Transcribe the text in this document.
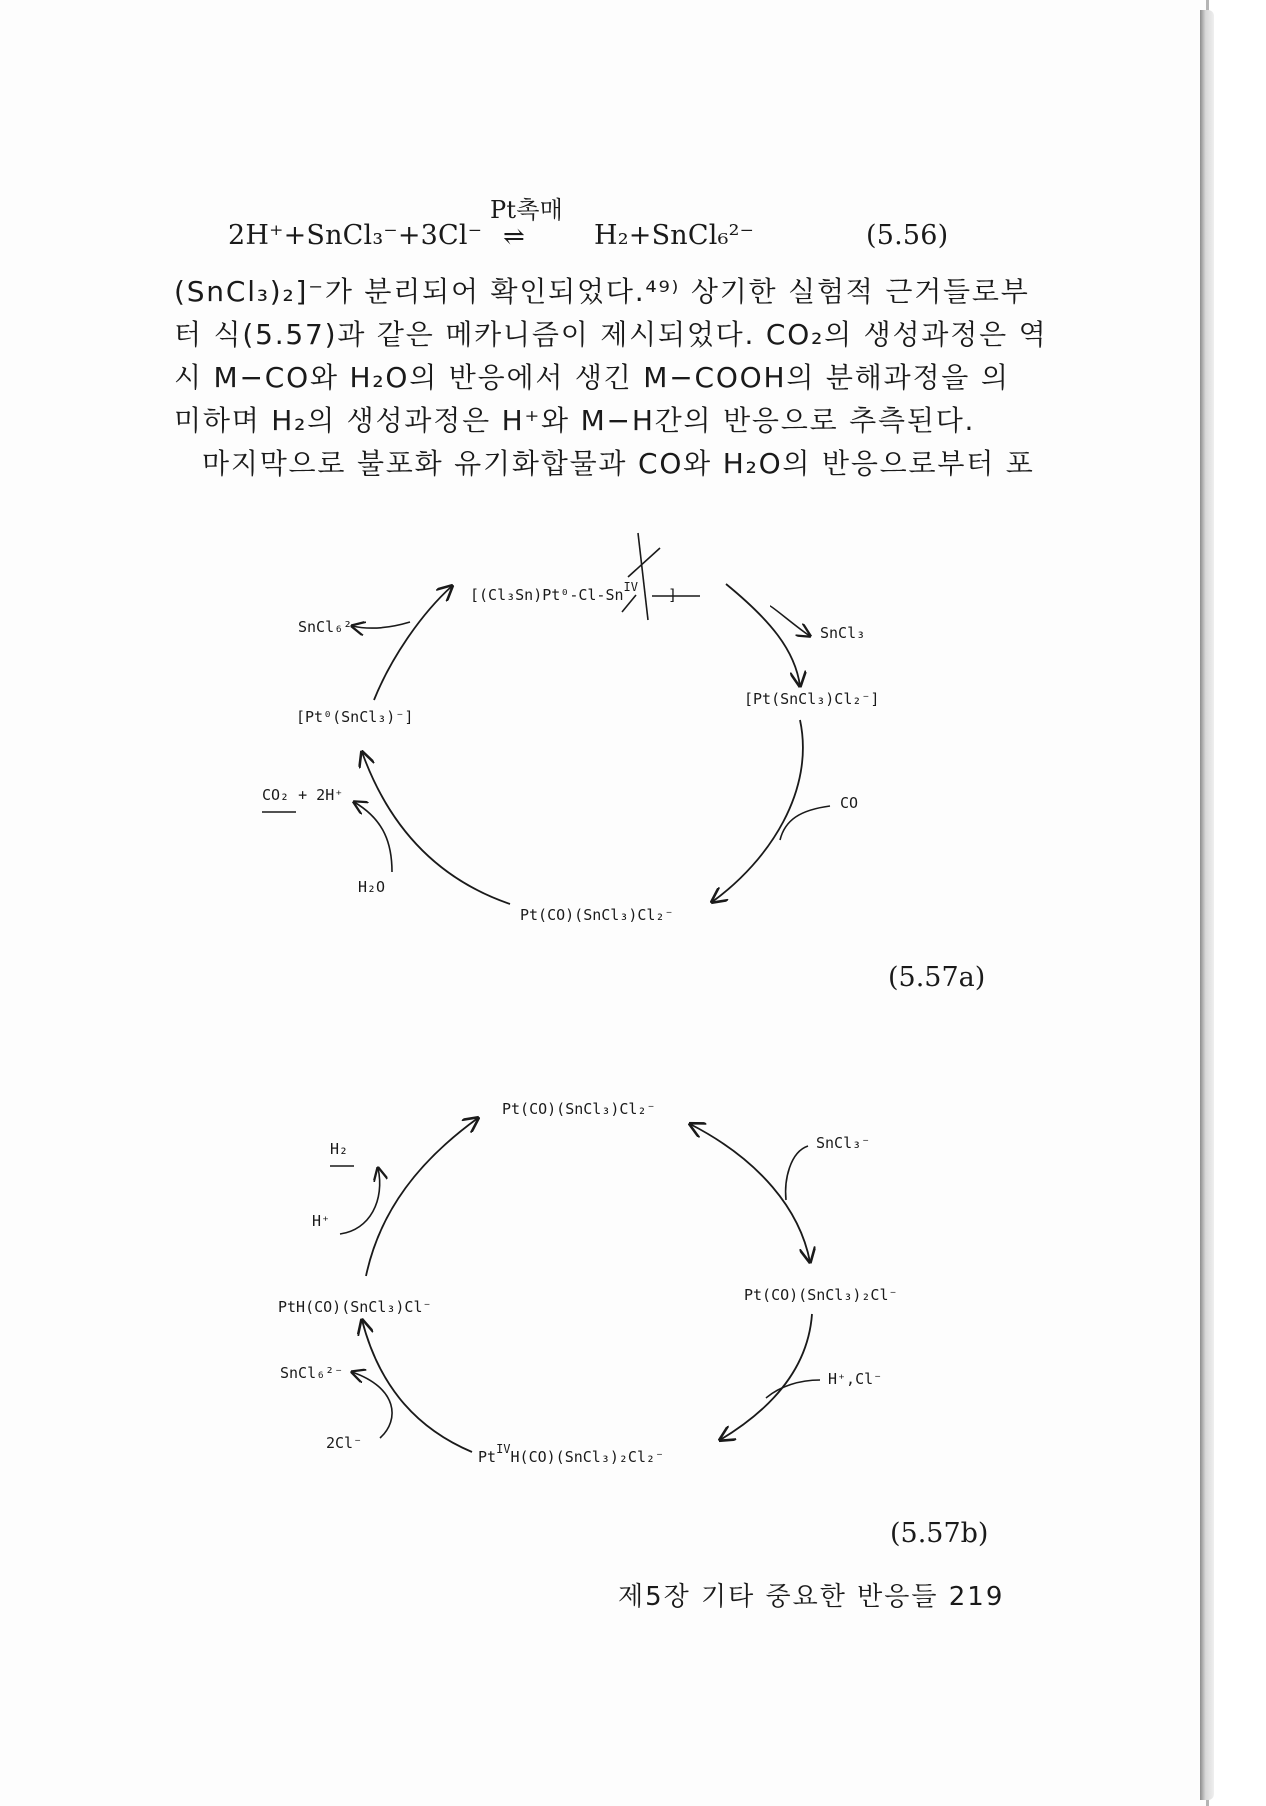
2H⁺+SnCl₃⁻+3Cl⁻
Pt촉매
⇌	H₂+SnCl₆²⁻	(5.56)

(SnCl₃)₂]⁻가 분리되어 확인되었다.⁴⁹⁾ 상기한 실험적 근거들로부

터 식(5.57)과 같은 메카니즘이 제시되었다. CO₂의 생성과정은 역

시 M−CO와 H₂O의 반응에서 생긴 M−COOH의 분해과정을 의

미하며 H₂의 생성과정은 H⁺와 M−H간의 반응으로 추측된다.

마지막으로 불포화 유기화합물과 CO와 H₂O의 반응으로부터 포

[$(Cl_3Sn)Pt^0-Cl-Sn^{IV}$ ]
SnCl₃
[Pt(SnCl₃)Cl₂⁻]
CO
Pt(CO)(SnCl₃)Cl₂⁻
H₂O
CO₂ + 2H⁺
[Pt⁰(SnCl₃)⁻]
SnCl₆²⁻
Pt(CO)(SnCl₃)Cl₂⁻
SnCl₃⁻
Pt(CO)(SnCl₃)₂Cl⁻
H⁺,Cl⁻
$Pt^{IV}H(CO)(SnCl_3)_2Cl_2^-$
2Cl⁻
SnCl₆²⁻
PtH(CO)(SnCl₃)Cl⁻
H⁺
H₂
(5.57a)
(5.57b)
제5장 기타 중요한 반응들 219
